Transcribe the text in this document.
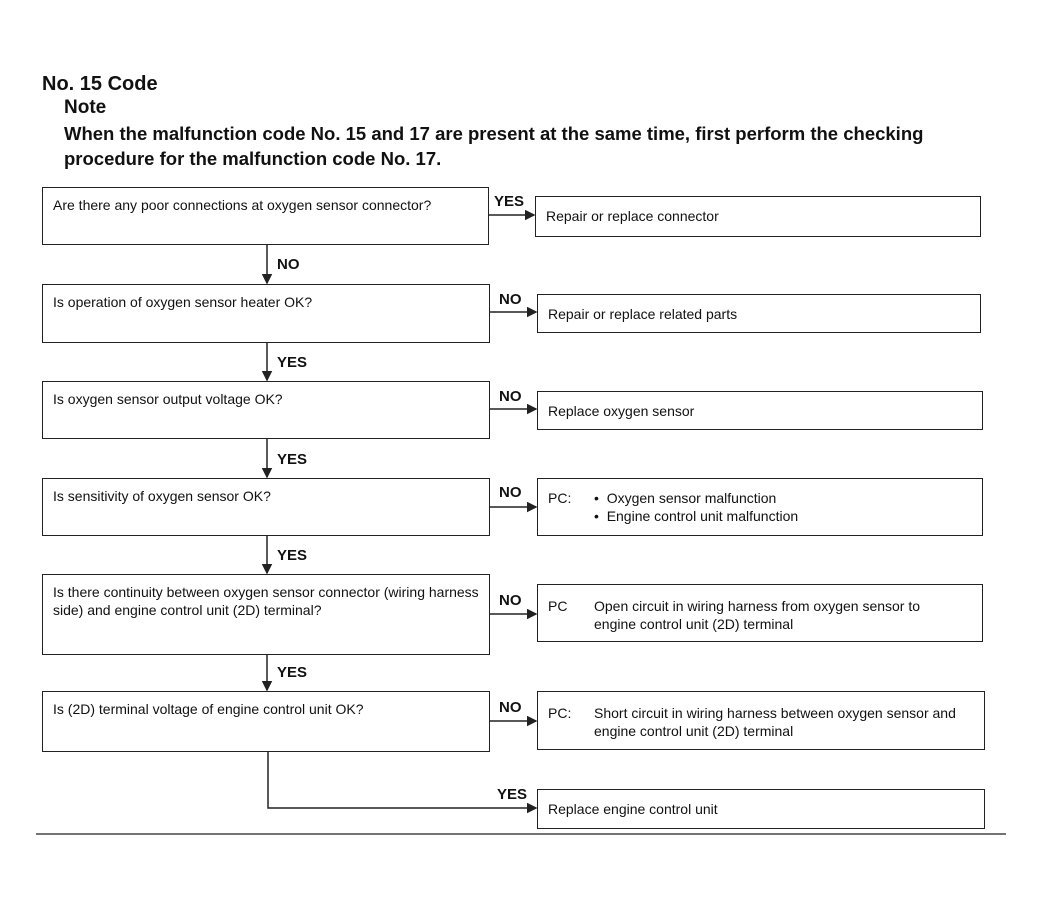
No. 15 Code
Note
When the malfunction code No. 15 and 17 are present at the same time, first perform the checking procedure for the malfunction code No. 17.
Are there any poor connections at oxygen sensor connector?
Is operation of oxygen sensor heater OK?
Is oxygen sensor output voltage OK?
Is sensitivity of oxygen sensor OK?
Is there continuity between oxygen sensor connector (wiring harness side) and engine control unit (2D) terminal?
Is (2D) terminal voltage of engine control unit OK?
YES
NO
NO
YES
NO
YES
NO
YES
NO
YES
NO
YES
Repair or replace connector
Repair or replace related parts
Replace oxygen sensor
PC:
•	Oxygen sensor malfunction
•  Engine control unit malfunction
PC	Open circuit in wiring harness from oxygen sensor to engine control unit (2D) terminal
PC:	Short circuit in wiring harness between oxygen sensor and engine control unit (2D) terminal
Replace engine control unit
